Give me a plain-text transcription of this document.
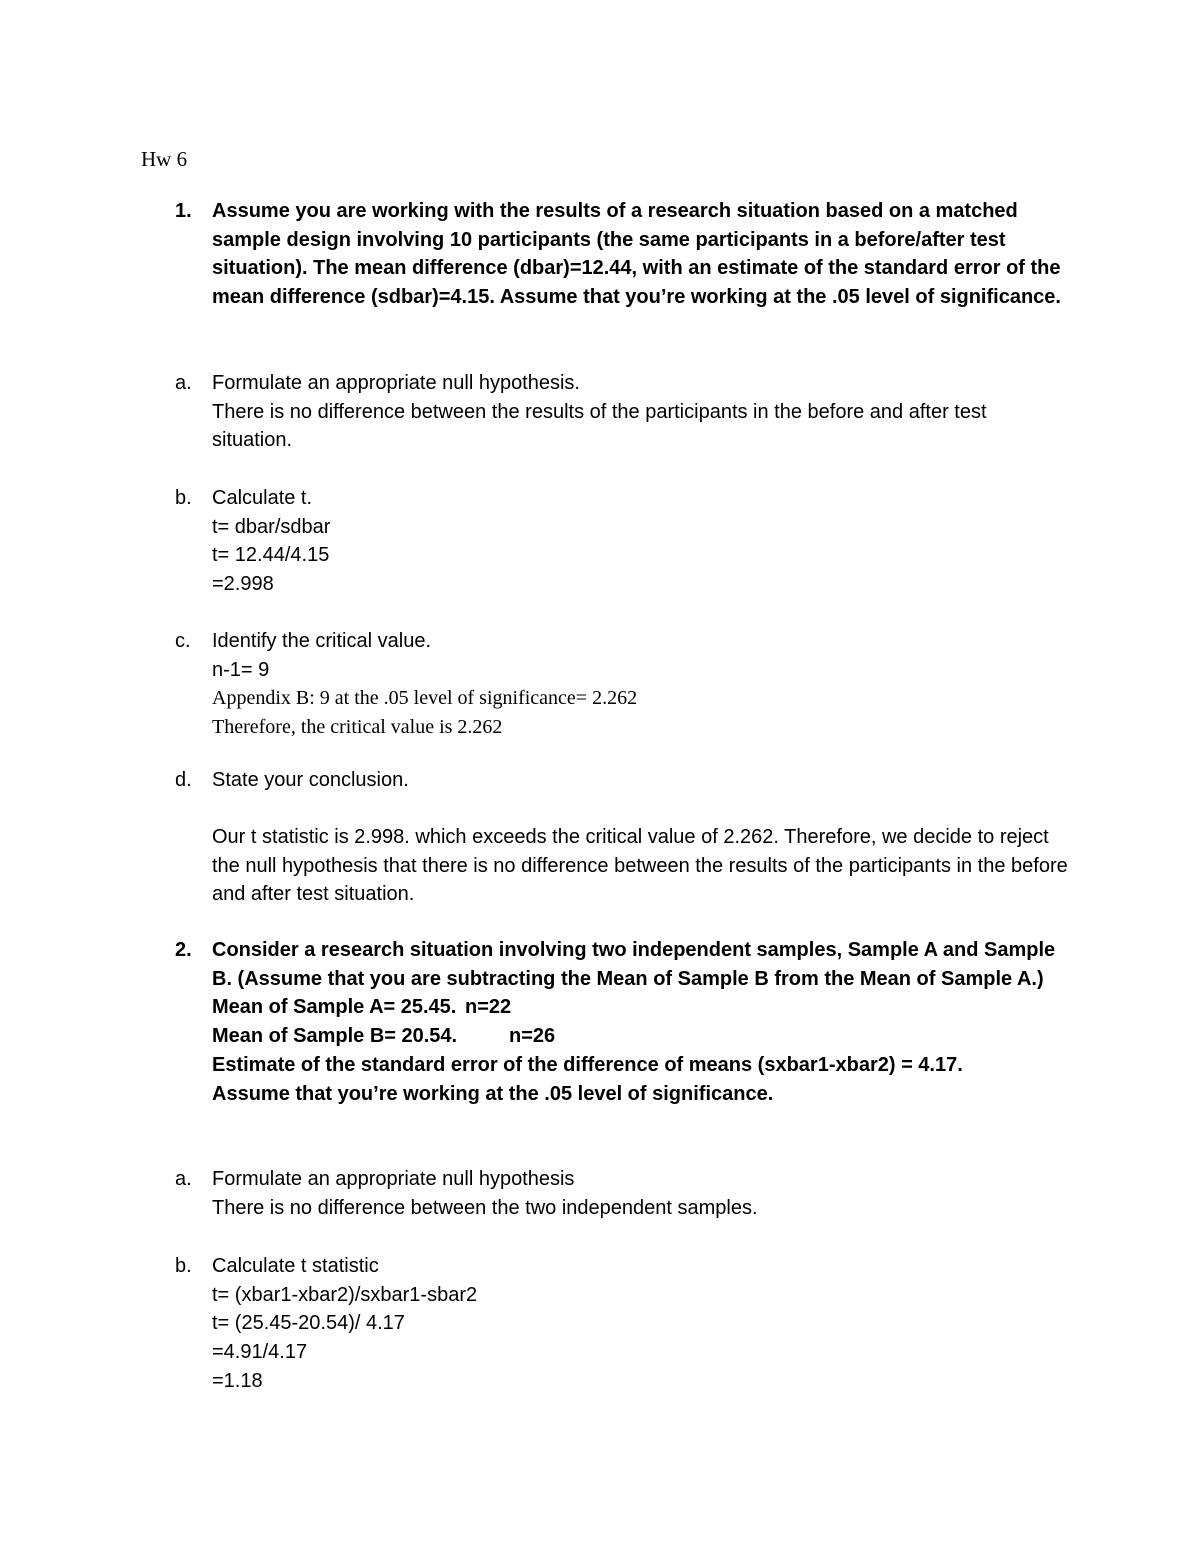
Hw 6
1. Assume you are working with the results of a research situation based on a matched sample design involving 10 participants (the same participants in a before/after test situation). The mean difference (dbar)=12.44, with an estimate of the standard error of the mean difference (sdbar)=4.15. Assume that you’re working at the .05 level of significance.
a. Formulate an appropriate null hypothesis.
There is no difference between the results of the participants in the before and after test situation.
b. Calculate t.
t= dbar/sdbar
t= 12.44/4.15
=2.998
c. Identify the critical value.
n-1= 9
Appendix B: 9 at the .05 level of significance= 2.262
Therefore, the critical value is 2.262
d. State your conclusion.
Our t statistic is 2.998. which exceeds the critical value of 2.262. Therefore, we decide to reject the null hypothesis that there is no difference between the results of the participants in the before and after test situation.
2. Consider a research situation involving two independent samples, Sample A and Sample B. (Assume that you are subtracting the Mean of Sample B from the Mean of Sample A.)
Mean of Sample A= 25.45. n=22
Mean of Sample B= 20.54.	n=26
Estimate of the standard error of the difference of means (sxbar1-xbar2) = 4.17.
Assume that you’re working at the .05 level of significance.
a. Formulate an appropriate null hypothesis
There is no difference between the two independent samples.
b. Calculate t statistic
t= (xbar1-xbar2)/sxbar1-sbar2
t= (25.45-20.54)/ 4.17
=4.91/4.17
=1.18
